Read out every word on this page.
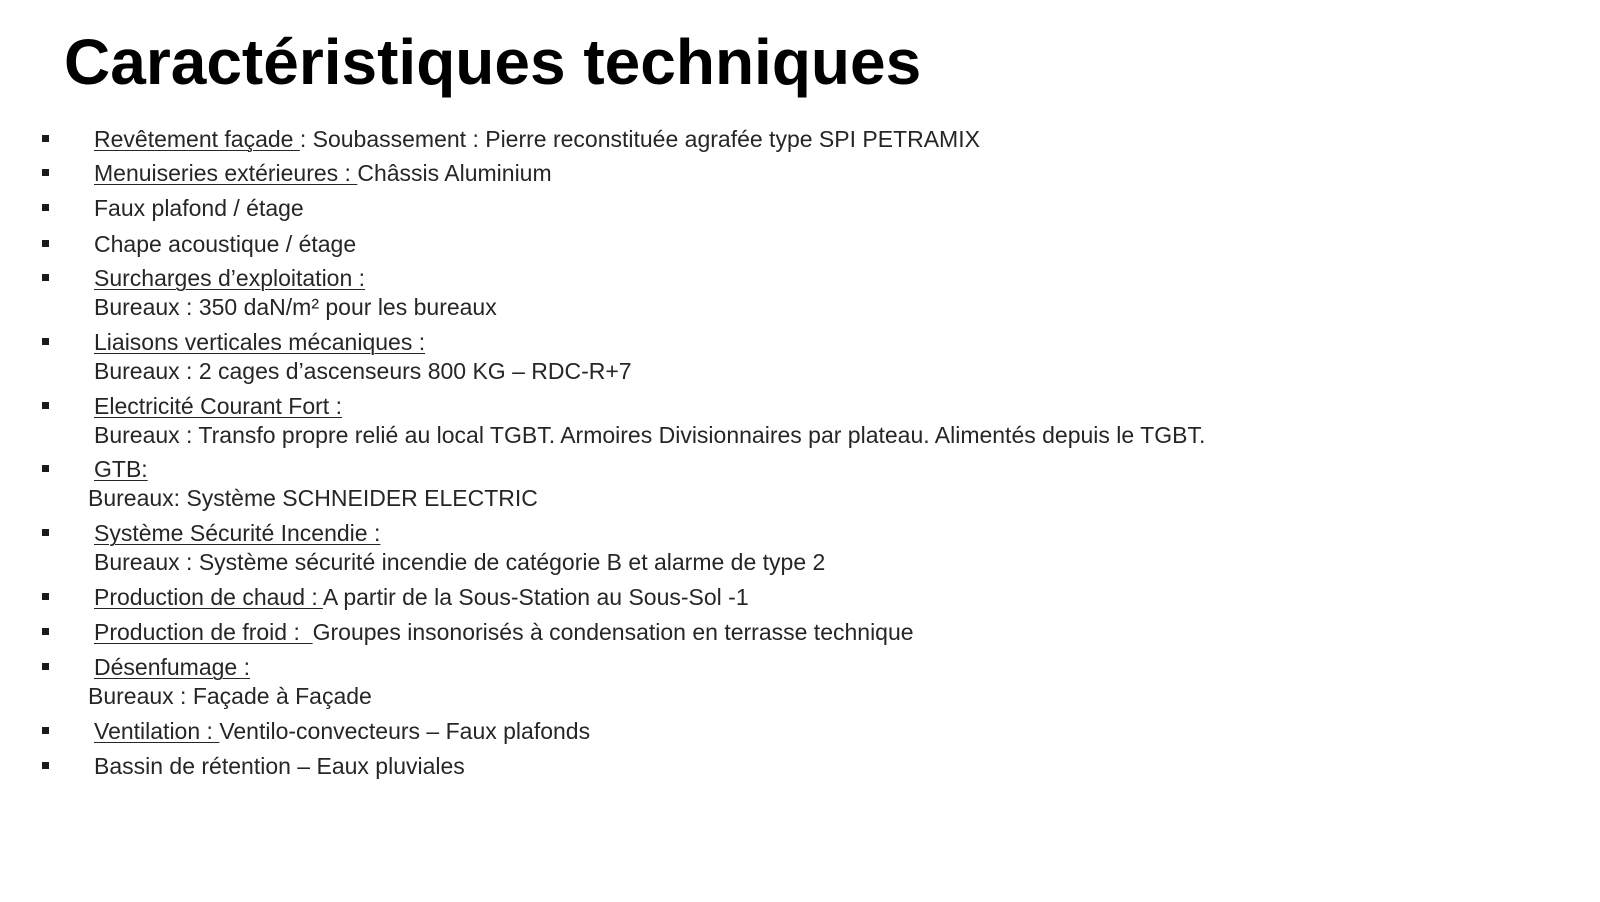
Caractéristiques techniques
Revêtement façade : Soubassement : Pierre reconstituée agrafée type SPI PETRAMIX
Menuiseries extérieures : Châssis Aluminium
Faux plafond / étage
Chape acoustique / étage
Surcharges d’exploitation :
Bureaux : 350 daN/m² pour les bureaux
Liaisons verticales mécaniques :
Bureaux : 2 cages d’ascenseurs 800 KG – RDC-R+7
Electricité Courant Fort :
Bureaux : Transfo propre relié au local TGBT. Armoires Divisionnaires par plateau. Alimentés depuis le TGBT.
GTB:
Bureaux: Système SCHNEIDER ELECTRIC
Système Sécurité Incendie :
Bureaux : Système sécurité incendie de catégorie B et alarme de type 2
Production de chaud : A partir de la Sous-Station au Sous-Sol -1
Production de froid :  Groupes insonorisés à condensation en terrasse technique
Désenfumage :
Bureaux : Façade à Façade
Ventilation : Ventilo-convecteurs – Faux plafonds
Bassin de rétention – Eaux pluviales
